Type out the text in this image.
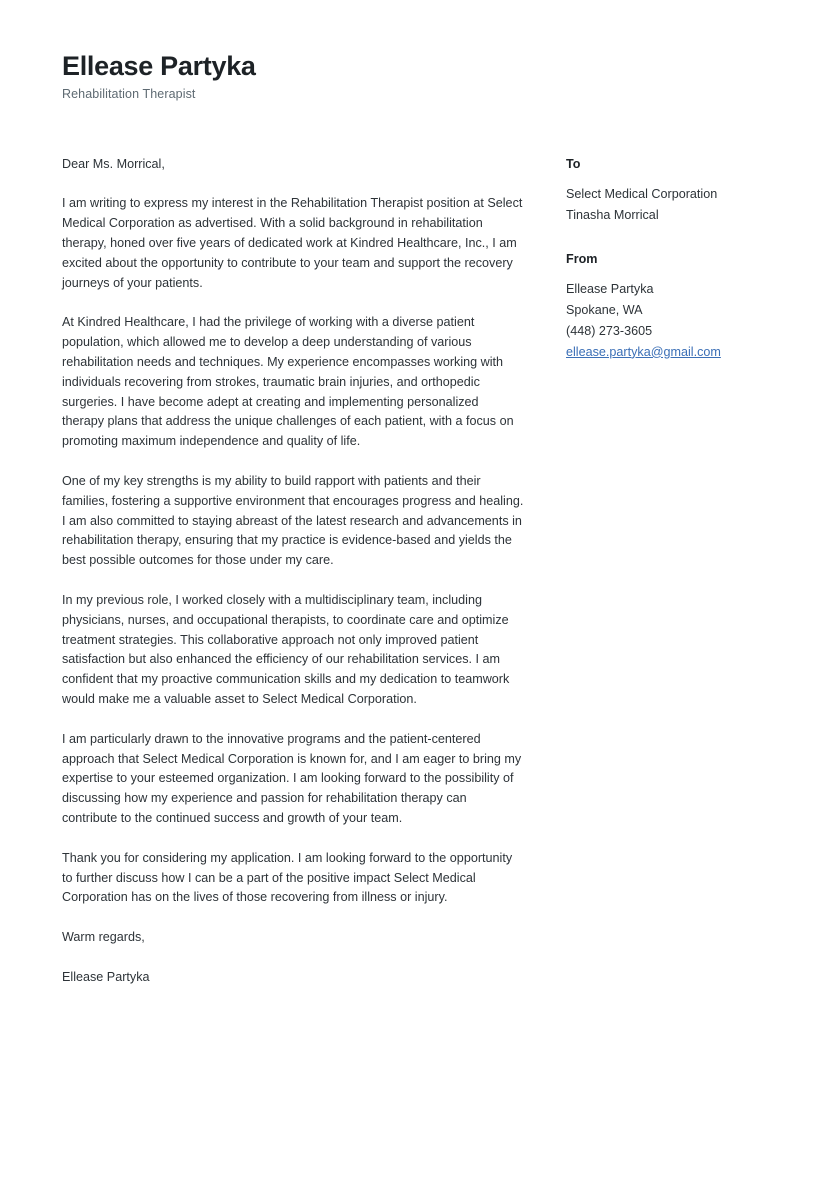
Ellease Partyka

Rehabilitation Therapist

Dear Ms. Morrical,

I am writing to express my interest in the Rehabilitation Therapist position at Select Medical Corporation as advertised. With a solid background in rehabilitation therapy, honed over five years of dedicated work at Kindred Healthcare, Inc., I am excited about the opportunity to contribute to your team and support the recovery journeys of your patients.

At Kindred Healthcare, I had the privilege of working with a diverse patient population, which allowed me to develop a deep understanding of various rehabilitation needs and techniques. My experience encompasses working with individuals recovering from strokes, traumatic brain injuries, and orthopedic surgeries. I have become adept at creating and implementing personalized therapy plans that address the unique challenges of each patient, with a focus on promoting maximum independence and quality of life.

One of my key strengths is my ability to build rapport with patients and their families, fostering a supportive environment that encourages progress and healing. I am also committed to staying abreast of the latest research and advancements in rehabilitation therapy, ensuring that my practice is evidence-based and yields the best possible outcomes for those under my care.

In my previous role, I worked closely with a multidisciplinary team, including physicians, nurses, and occupational therapists, to coordinate care and optimize treatment strategies. This collaborative approach not only improved patient satisfaction but also enhanced the efficiency of our rehabilitation services. I am confident that my proactive communication skills and my dedication to teamwork would make me a valuable asset to Select Medical Corporation.

I am particularly drawn to the innovative programs and the patient-centered approach that Select Medical Corporation is known for, and I am eager to bring my expertise to your esteemed organization. I am looking forward to the possibility of discussing how my experience and passion for rehabilitation therapy can contribute to the continued success and growth of your team.

Thank you for considering my application. I am looking forward to the opportunity to further discuss how I can be a part of the positive impact Select Medical Corporation has on the lives of those recovering from illness or injury.

Warm regards,

Ellease Partyka

To

Select Medical Corporation

Tinasha Morrical

From

Ellease Partyka

Spokane, WA

(448) 273-3605

ellease.partyka@gmail.com
